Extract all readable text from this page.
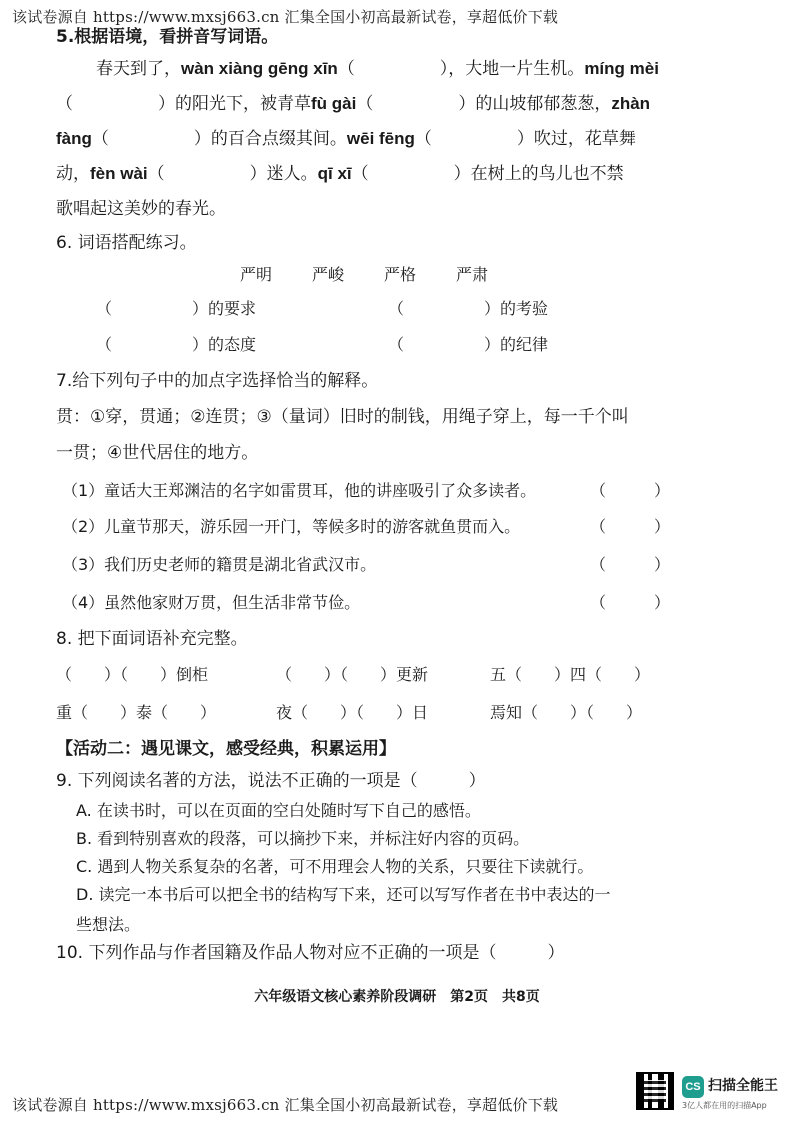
该试卷源自 https://www.mxsj663.cn 汇集全国小初高最新试卷，享超低价下载
5.根据语境，看拼音写词语。
春天到了，wàn xiàng gēng xīn（　　　　　），大地一片生机。míng mèi
（　　　　　）的阳光下，被青草fù gài（　　　　　）的山坡郁郁葱葱，zhàn
fàng（　　　　　）的百合点缀其间。wēi fēng（　　　　　）吹过，花草舞
动，fèn wài（　　　　　）迷人。qī xī（　　　　　）在树上的鸟儿也不禁
歌唱起这美妙的春光。
6. 词语搭配练习。
严明 严峻 严格 严肃
（　　　　　）的要求	（　　　　　）的考验
（　　　　　）的态度	（　　　　　）的纪律
7.给下列句子中的加点字选择恰当的解释。
贯：①穿，贯通；②连贯；③（量词）旧时的制钱，用绳子穿上，每一千个叫
一贯；④世代居住的地方。
（1）童话大王郑渊洁的名字如雷贯耳，他的讲座吸引了众多读者。	（　　　）
（2）儿童节那天，游乐园一开门，等候多时的游客就鱼贯而入。	（　　　）
（3）我们历史老师的籍贯是湖北省武汉市。	（　　　）
（4）虽然他家财万贯，但生活非常节俭。	（　　　）
8. 把下面词语补充完整。
（　　）（　　）倒柜	（　　）（　　）更新	五（　　）四（　　）
重（　　）泰（　　）	夜（　　）（　　）日	焉知（　　）（　　）
【活动二：遇见课文，感受经典，积累运用】
9. 下列阅读名著的方法，说法不正确的一项是（　　　）
A. 在读书时，可以在页面的空白处随时写下自己的感悟。
B. 看到特别喜欢的段落，可以摘抄下来，并标注好内容的页码。
C. 遇到人物关系复杂的名著，可不用理会人物的关系，只要往下读就行。
D. 读完一本书后可以把全书的结构写下来，还可以写写作者在书中表达的一
些想法。
10. 下列作品与作者国籍及作品人物对应不正确的一项是（　　　）
六年级语文核心素养阶段调研　第2页　共8页
CS 扫描全能王
3亿人都在用的扫描App
该试卷源自 https://www.mxsj663.cn 汇集全国小初高最新试卷，享超低价下载
